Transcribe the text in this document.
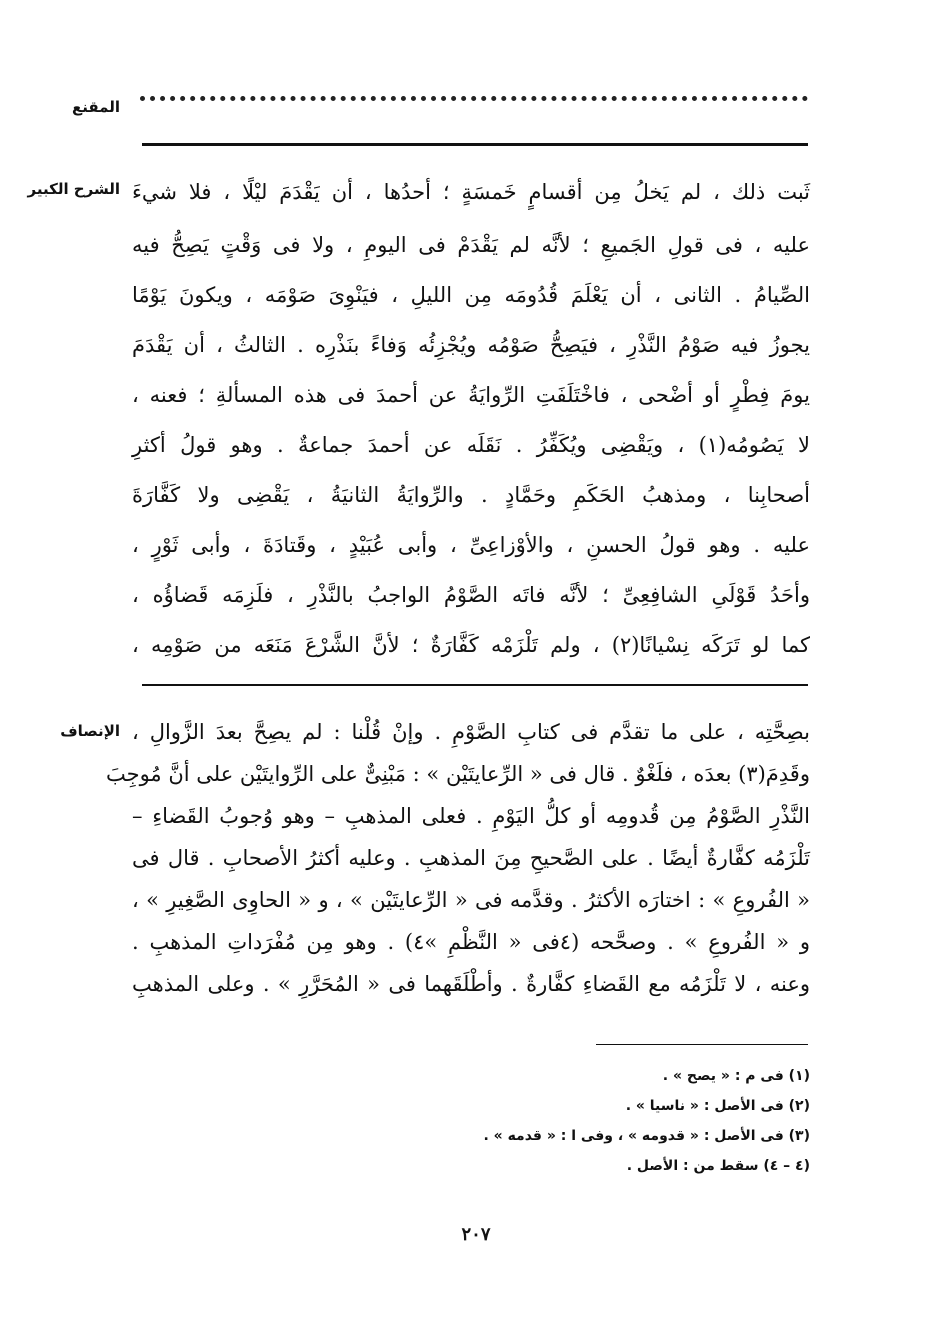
المقنع
الشرح الكبير ثَبت ذلك ، لم يَخلُ مِن أقسامٍ خَمسَةٍ ؛ أحدُها ، أن يَقْدَمَ ليْلًا ، فلا شيءَ
عليه ، فى قولِ الجَميعِ ؛ لأنَّه لم يَقْدَمْ فى اليومِ ، ولا فى وَقْتٍ يَصِحُّ فيه
الصِّيامُ . الثانى ، أن يَعْلَمَ قُدُومَه مِن الليلِ ، فيَنْوِىَ صَوْمَه ، ويكونَ يَوْمًا
يجوزُ فيه صَوْمُ النَّذْرِ ، فيَصِحُّ صَوْمُه ويُجْزِئُه وَفاءً بنَذْرِه . الثالثُ ، أن يَقْدَمَ
يومَ فِطْرٍ أو أضْحى ، فاخْتَلَفَتِ الرِّوايَةُ عن أحمدَ فى هذه المسألةِ ؛ فعنه ،
لا يَصُومُه(١) ، ويَقْضِى ويُكَفِّرُ . نَقَلَه عن أحمدَ جماعةٌ . وهو قولُ أكثرِ
أصحابِنا ، ومذهبُ الحَكَمِ وحَمَّادٍ . والرِّوايَةُ الثانيَةُ ، يَقْضِى ولا كَفَّارَةَ
عليه . وهو قولُ الحسنِ ، والأوْزاعِىِّ ، وأبى عُبَيْدٍ ، وقَتادَةَ ، وأبى ثَوْرٍ ،
وأحَدُ قَوْلَىِ الشافِعِىِّ ؛ لأنَّه فاتَه الصَّوْمُ الواجبُ بالنَّذْرِ ، فلَزِمَه قَضاؤُه ،
كما لو تَرَكَه نِسْيانًا(٢) ، ولم تَلْزَمْه كَفَّارَةٌ ؛ لأنَّ الشَّرْعَ مَنَعَه من صَوْمِه ،
الإنصاف بصِحَّتِه ، على ما تقدَّم فى كتابِ الصَّوْمِ . وإنْ قُلْنا : لم يصِحَّ بعدَ الزَّوالِ ،
وقَدِمَ(٣) بعدَه ، فلَغْوٌ . قال فى « الرِّعايتَيْن » : مَبْنِىٌّ على الرِّوايتَيْن على أنَّ مُوجِبَ
النَّذْرِ الصَّوْمُ مِن قُدومِه أو كلُّ اليَوْمِ . فعلى المذهبِ – وهو وُجوبُ القَضاءِ –
تَلْزَمُه كفَّارةٌ أيضًا . على الصَّحيحِ مِنَ المذهبِ . وعليه أكثرُ الأصحابِ . قال فى
« الفُروعِ » : اختارَه الأكثرُ . وقدَّمه فى « الرِّعايتَيْن » ، و « الحاوِى الصَّغِيرِ » ،
و « الفُروعِ » . وصحَّحه (٤فى « النَّظْمِ »٤) . وهو مِن مُفْرَداتِ المذهبِ .
وعنه ، لا تَلْزَمُه مع القَضاءِ كفَّارةٌ . وأطْلَقَهما فى « المُحَرَّرِ » . وعلى المذهبِ
(١) فى م : « يصح » .
(٢) فى الأصل : « ناسيا » .
(٣) فى الأصل : « قدومه » ، وفى ا : « قدمه » .
(٤ – ٤) سقط من : الأصل .
٢٠٧
